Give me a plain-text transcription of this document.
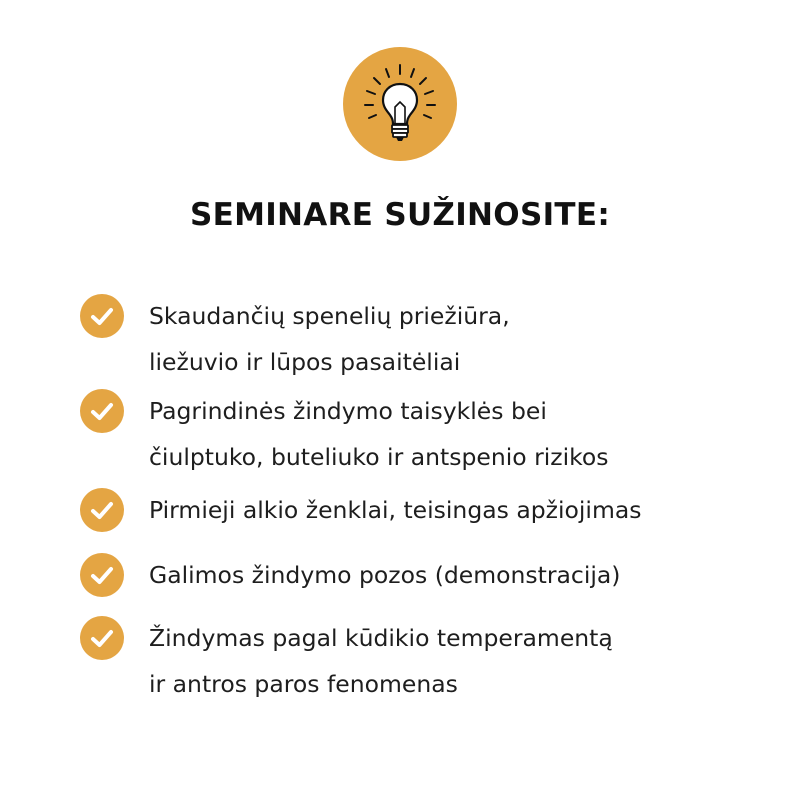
SEMINARE SUŽINOSITE:
Skaudančių spenelių priežiūra,
liežuvio ir lūpos pasaitėliai
Pagrindinės žindymo taisyklės bei
čiulptuko, buteliuko ir antspenio rizikos
Pirmieji alkio ženklai, teisingas apžiojimas
Galimos žindymo pozos (demonstracija)
Žindymas pagal kūdikio temperamentą
ir antros paros fenomenas
